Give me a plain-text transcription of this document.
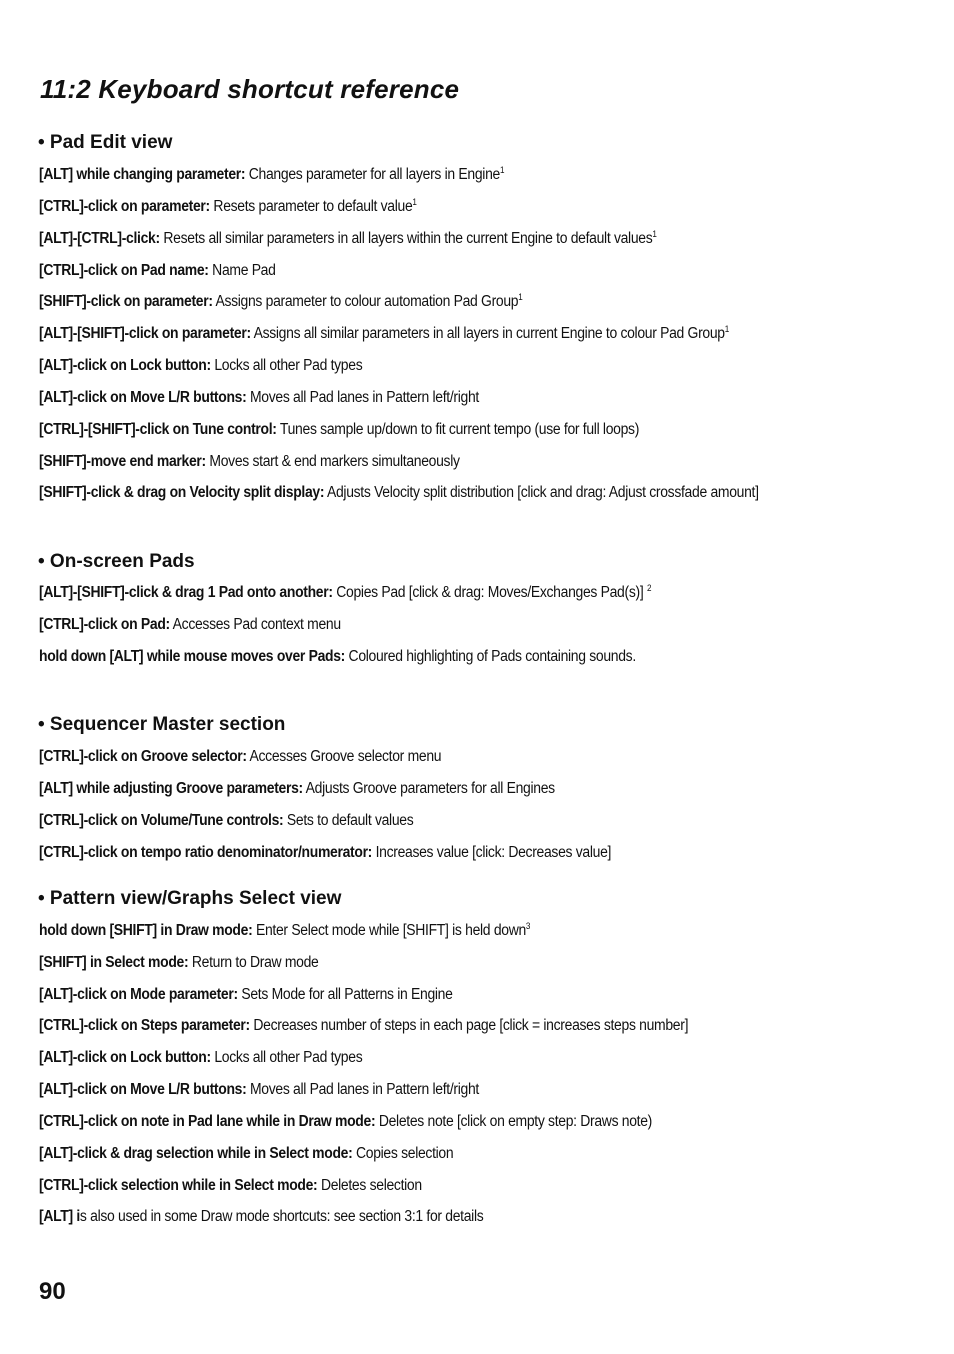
11:2 Keyboard shortcut reference
• Pad Edit view

[ALT] while changing parameter: Changes parameter for all layers in Engine$^1$

[CTRL]-click on parameter: Resets parameter to default value$^1$

[ALT]-[CTRL]-click: Resets all similar parameters in all layers within the current Engine to default values$^1$

[CTRL]-click on Pad name: Name Pad

[SHIFT]-click on parameter: Assigns parameter to colour automation Pad Group$^1$

[ALT]-[SHIFT]-click on parameter: Assigns all similar parameters in all layers in current Engine to colour Pad Group$^1$

[ALT]-click on Lock button: Locks all other Pad types

[ALT]-click on Move L/R buttons: Moves all Pad lanes in Pattern left/right

[CTRL]-[SHIFT]-click on Tune control: Tunes sample up/down to fit current tempo (use for full loops)

[SHIFT]-move end marker: Moves start & end markers simultaneously

[SHIFT]-click & drag on Velocity split display: Adjusts Velocity split distribution [click and drag: Adjust crossfade amount]

• On-screen Pads

[ALT]-[SHIFT]-click & drag 1 Pad onto another: Copies Pad [click & drag: Moves/Exchanges Pad(s)] $^2$

[CTRL]-click on Pad: Accesses Pad context menu

hold down [ALT] while mouse moves over Pads: Coloured highlighting of Pads containing sounds.

• Sequencer Master section

[CTRL]-click on Groove selector: Accesses Groove selector menu

[ALT] while adjusting Groove parameters: Adjusts Groove parameters for all Engines

[CTRL]-click on Volume/Tune controls: Sets to default values

[CTRL]-click on tempo ratio denominator/numerator: Increases value [click: Decreases value]

• Pattern view/Graphs Select view

hold down [SHIFT] in Draw mode: Enter Select mode while [SHIFT] is held down$^3$

[SHIFT] in Select mode: Return to Draw mode

[ALT]-click on Mode parameter: Sets Mode for all Patterns in Engine

[CTRL]-click on Steps parameter: Decreases number of steps in each page [click = increases steps number]

[ALT]-click on Lock button: Locks all other Pad types

[ALT]-click on Move L/R buttons: Moves all Pad lanes in Pattern left/right

[CTRL]-click on note in Pad lane while in Draw mode: Deletes note [click on empty step: Draws note)

[ALT]-click & drag selection while in Select mode: Copies selection

[CTRL]-click selection while in Select mode: Deletes selection

[ALT] is also used in some Draw mode shortcuts: see section 3:1 for details

90
